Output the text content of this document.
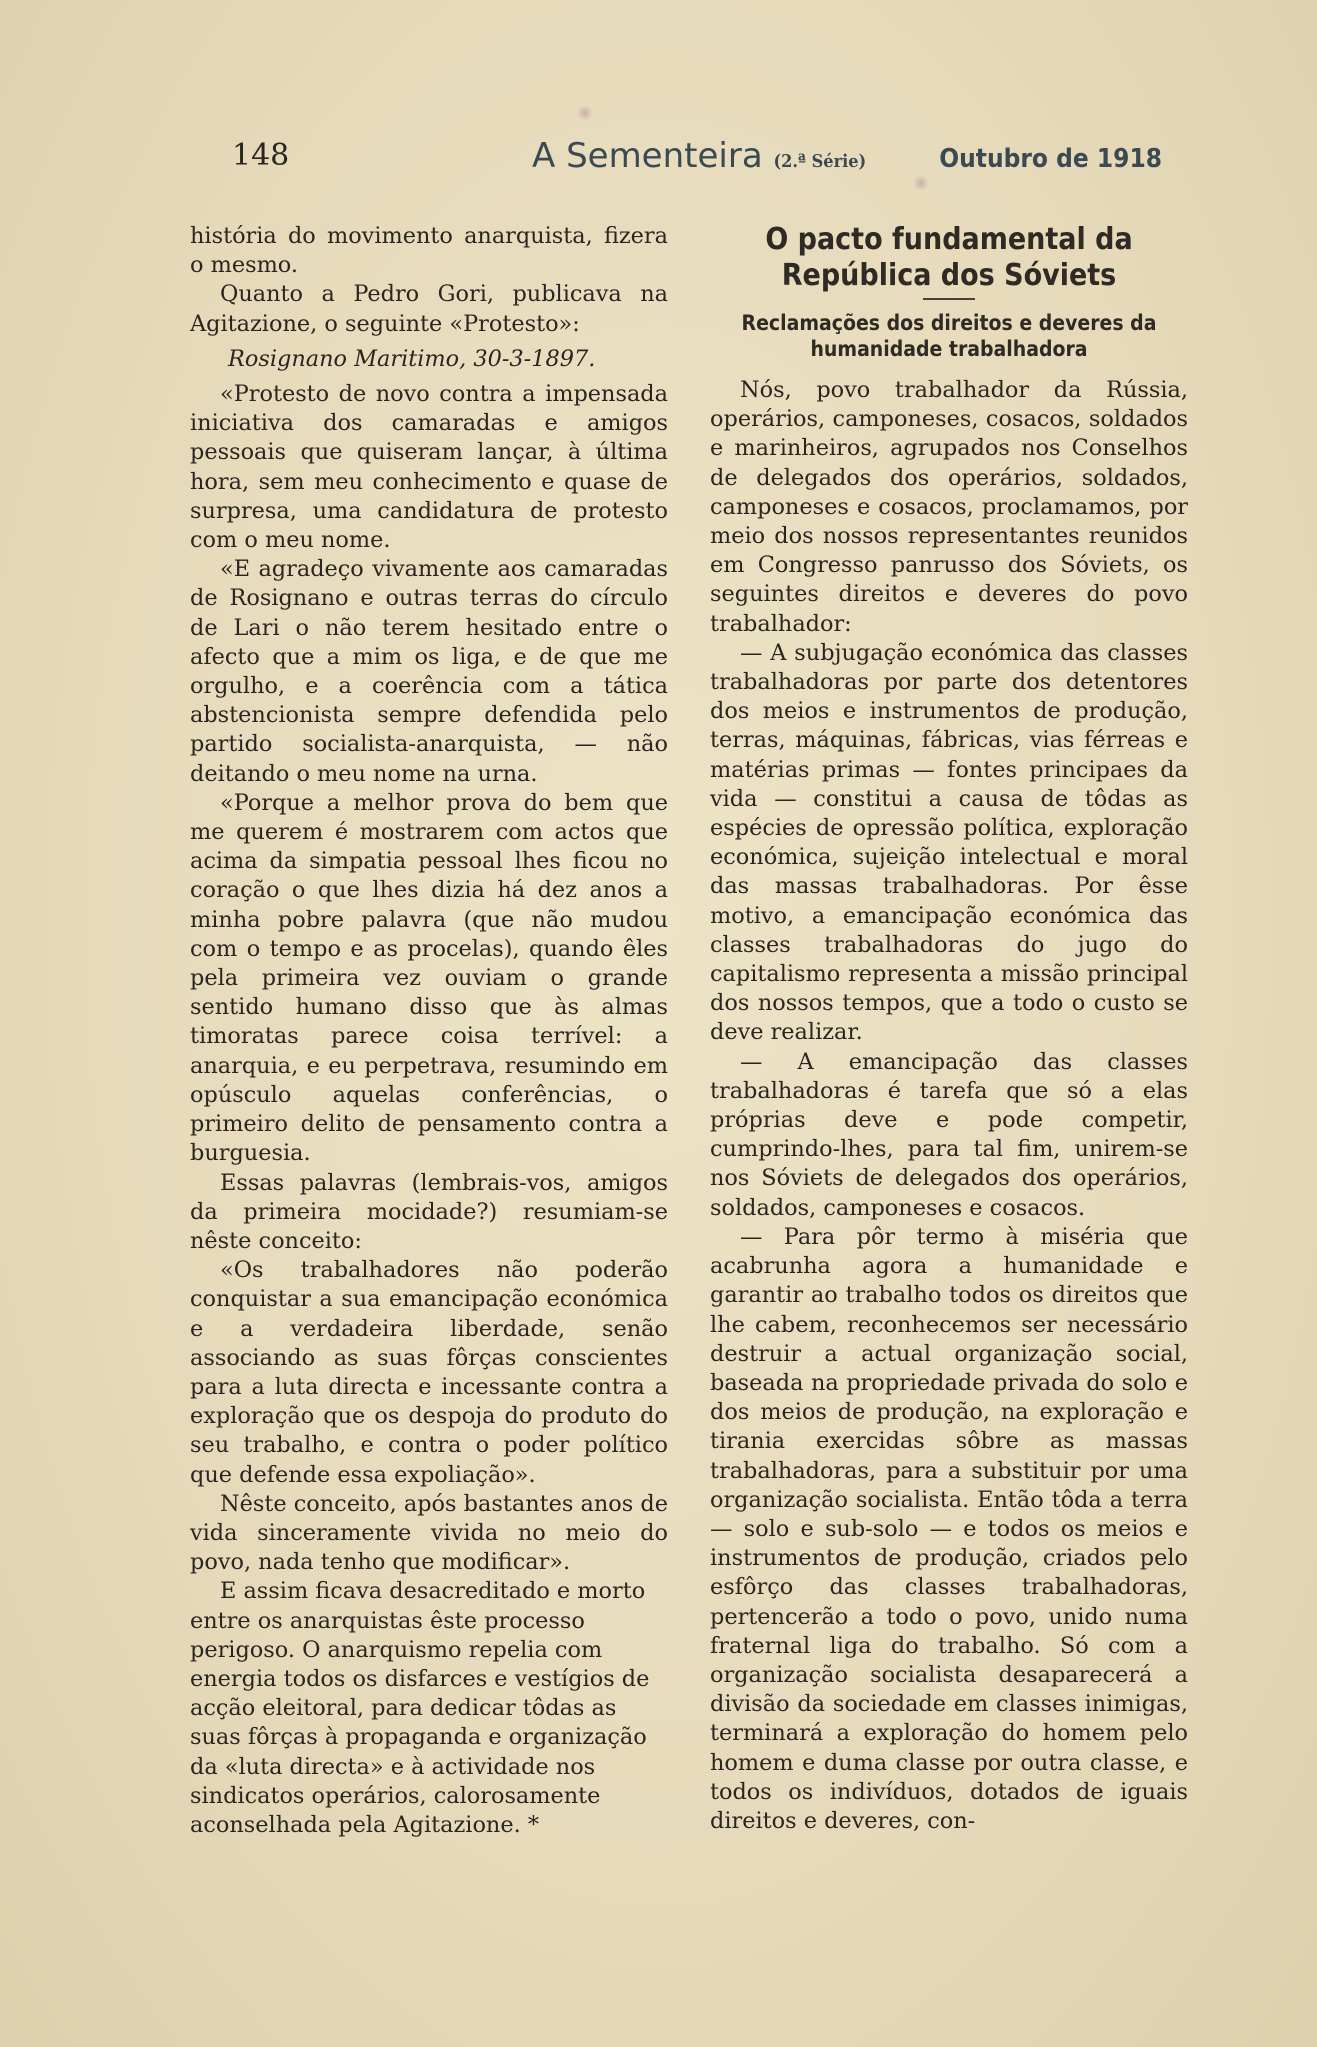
148	A Sementeira (2.ª Série)	Outubro de 1918

história do movimento anarquista, fizera o mesmo.

Quanto a Pedro Gori, publicava na Agitazione, o seguinte «Protesto»:

Rosignano Maritimo, 30-3-1897.

«Protesto de novo contra a impensada iniciativa dos camaradas e amigos pessoais que quiseram lançar, à última hora, sem meu conhecimento e quase de surpresa, uma candidatura de protesto com o meu nome.

«E agradeço vivamente aos camaradas de Rosignano e outras terras do círculo de Lari o não terem hesitado entre o afecto que a mim os liga, e de que me orgulho, e a coerência com a tática abstencionista sempre defendida pelo partido socialista-anarquista, — não deitando o meu nome na urna.

«Porque a melhor prova do bem que me querem é mostrarem com actos que acima da simpatia pessoal lhes ficou no coração o que lhes dizia há dez anos a minha pobre palavra (que não mudou com o tempo e as procelas), quando êles pela primeira vez ouviam o grande sentido humano disso que às almas timoratas parece coisa terrível: a anarquia, e eu perpetrava, resumindo em opúsculo aquelas conferências, o primeiro delito de pensamento contra a burguesia.

Essas palavras (lembrais-vos, amigos da primeira mocidade?) resumiam-se nêste conceito:

«Os trabalhadores não poderão conquistar a sua emancipação económica e a verdadeira liberdade, senão associando as suas fôrças conscientes para a luta directa e incessante contra a exploração que os despoja do produto do seu trabalho, e contra o poder político que defende essa expoliação».

Nêste conceito, após bastantes anos de vida sinceramente vivida no meio do povo, nada tenho que modificar».

E assim ficava desacreditado e morto entre os anarquistas êste processo perigoso. O anarquismo repelia com energia todos os disfarces e vestígios de acção eleitoral, para dedicar tôdas as suas fôrças à propaganda e organização da «luta directa» e à actividade nos sindicatos operários, calorosamente aconselhada pela Agitazione. *

O pacto fundamental da República dos Sóviets
Reclamações dos direitos e deveres da humanidade trabalhadora

Nós, povo trabalhador da Rússia, operários, camponeses, cosacos, soldados e marinheiros, agrupados nos Conselhos de delegados dos operários, soldados, camponeses e cosacos, proclamamos, por meio dos nossos representantes reunidos em Congresso panrusso dos Sóviets, os seguintes direitos e deveres do povo trabalhador:

— A subjugação económica das classes trabalhadoras por parte dos detentores dos meios e instrumentos de produção, terras, máquinas, fábricas, vias férreas e matérias primas — fontes principaes da vida — constitui a causa de tôdas as espécies de opressão política, exploração económica, sujeição intelectual e moral das massas trabalhadoras. Por êsse motivo, a emancipação económica das classes trabalhadoras do jugo do capitalismo representa a missão principal dos nossos tempos, que a todo o custo se deve realizar.

— A emancipação das classes trabalhadoras é tarefa que só a elas próprias deve e pode competir, cumprindo-lhes, para tal fim, unirem-se nos Sóviets de delegados dos operários, soldados, camponeses e cosacos.

— Para pôr termo à miséria que acabrunha agora a humanidade e garantir ao trabalho todos os direitos que lhe cabem, reconhecemos ser necessário destruir a actual organização social, baseada na propriedade privada do solo e dos meios de produção, na exploração e tirania exercidas sôbre as massas trabalhadoras, para a substituir por uma organização socialista. Então tôda a terra — solo e sub-solo — e todos os meios e instrumentos de produção, criados pelo esfôrço das classes trabalhadoras, pertencerão a todo o povo, unido numa fraternal liga do trabalho. Só com a organização socialista desaparecerá a divisão da sociedade em classes inimigas, terminará a exploração do homem pelo homem e duma classe por outra classe, e todos os indivíduos, dotados de iguais direitos e deveres, con-
